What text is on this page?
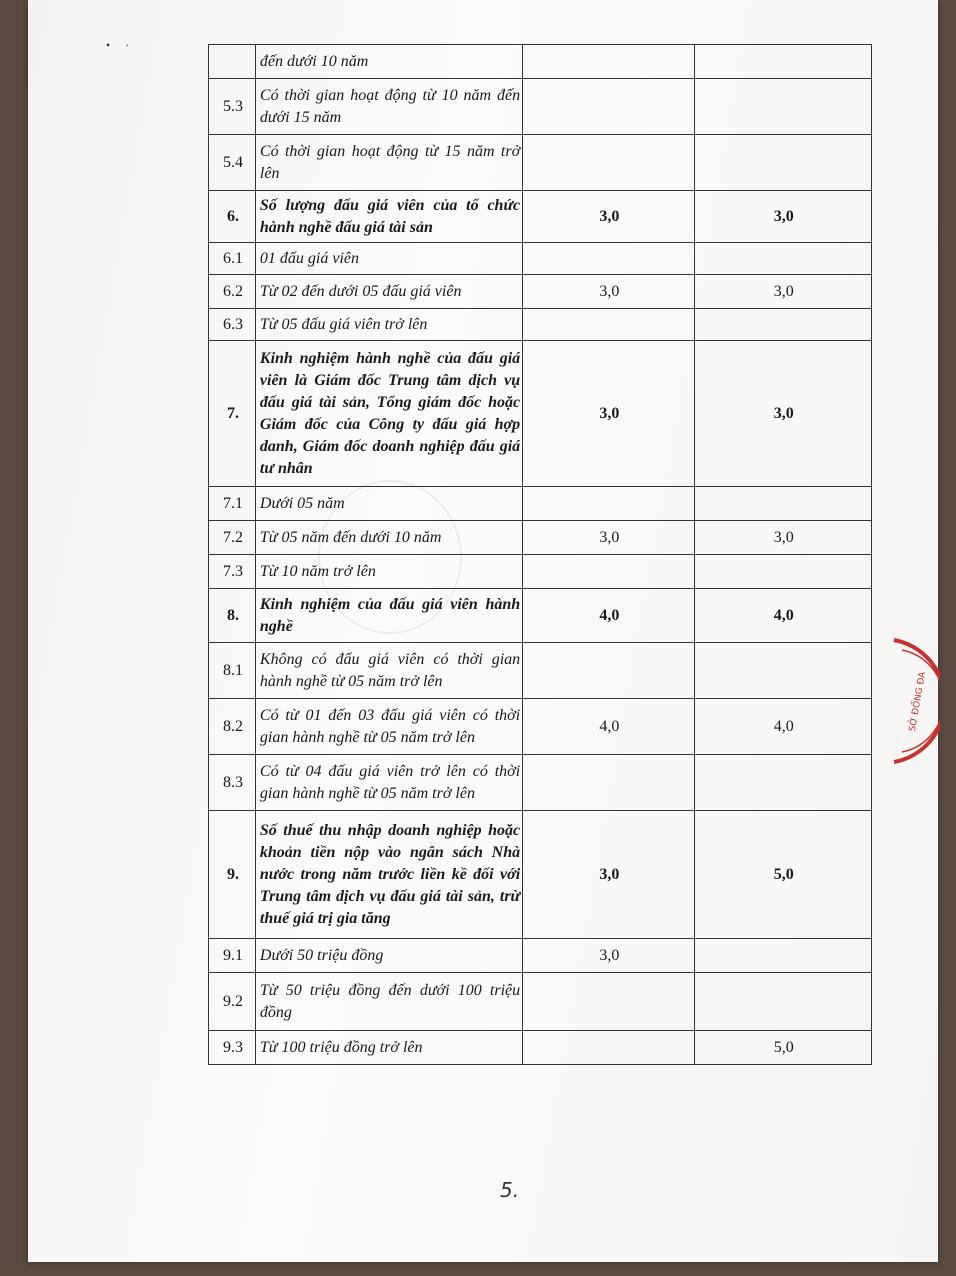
•     ·
	đến dưới 10 năm		
5.3	Có thời gian hoạt động từ 10 năm đến dưới 15 năm		
5.4	Có thời gian hoạt động từ 15 năm trở lên		
6.	Số lượng đấu giá viên của tổ chức hành nghề đấu giá tài sản	3,0	3,0
6.1	01 đấu giá viên		
6.2	Từ 02 đến dưới 05 đấu giá viên	3,0	3,0
6.3	Từ 05 đấu giá viên trở lên		
7.	Kinh nghiệm hành nghề của đấu giá viên là Giám đốc Trung tâm dịch vụ đấu giá tài sản, Tổng giám đốc hoặc Giám đốc của Công ty đấu giá hợp danh, Giám đốc doanh nghiệp đấu giá tư nhân	3,0	3,0
7.1	Dưới 05 năm		
7.2	Từ 05 năm đến dưới 10 năm	3,0	3,0
7.3	Từ 10 năm trở lên		
8.	Kinh nghiệm của đấu giá viên hành nghề	4,0	4,0
8.1	Không có đấu giá viên có thời gian hành nghề từ 05 năm trở lên		
8.2	Có từ 01 đến 03 đấu giá viên có thời gian hành nghề từ 05 năm trở lên	4,0	4,0
8.3	Có từ 04 đấu giá viên trở lên có thời gian hành nghề từ 05 năm trở lên		
9.	Số thuế thu nhập doanh nghiệp hoặc khoản tiền nộp vào ngân sách Nhà nước trong năm trước liền kề đối với Trung tâm dịch vụ đấu giá tài sản, trừ thuế giá trị gia tăng	3,0	5,0
9.1	Dưới 50 triệu đồng	3,0	
9.2	Từ 50 triệu đồng đến dưới 100 triệu đồng		
9.3	Từ 100 triệu đồng trở lên		5,0
5.
SỞ ĐỐNG ĐA
